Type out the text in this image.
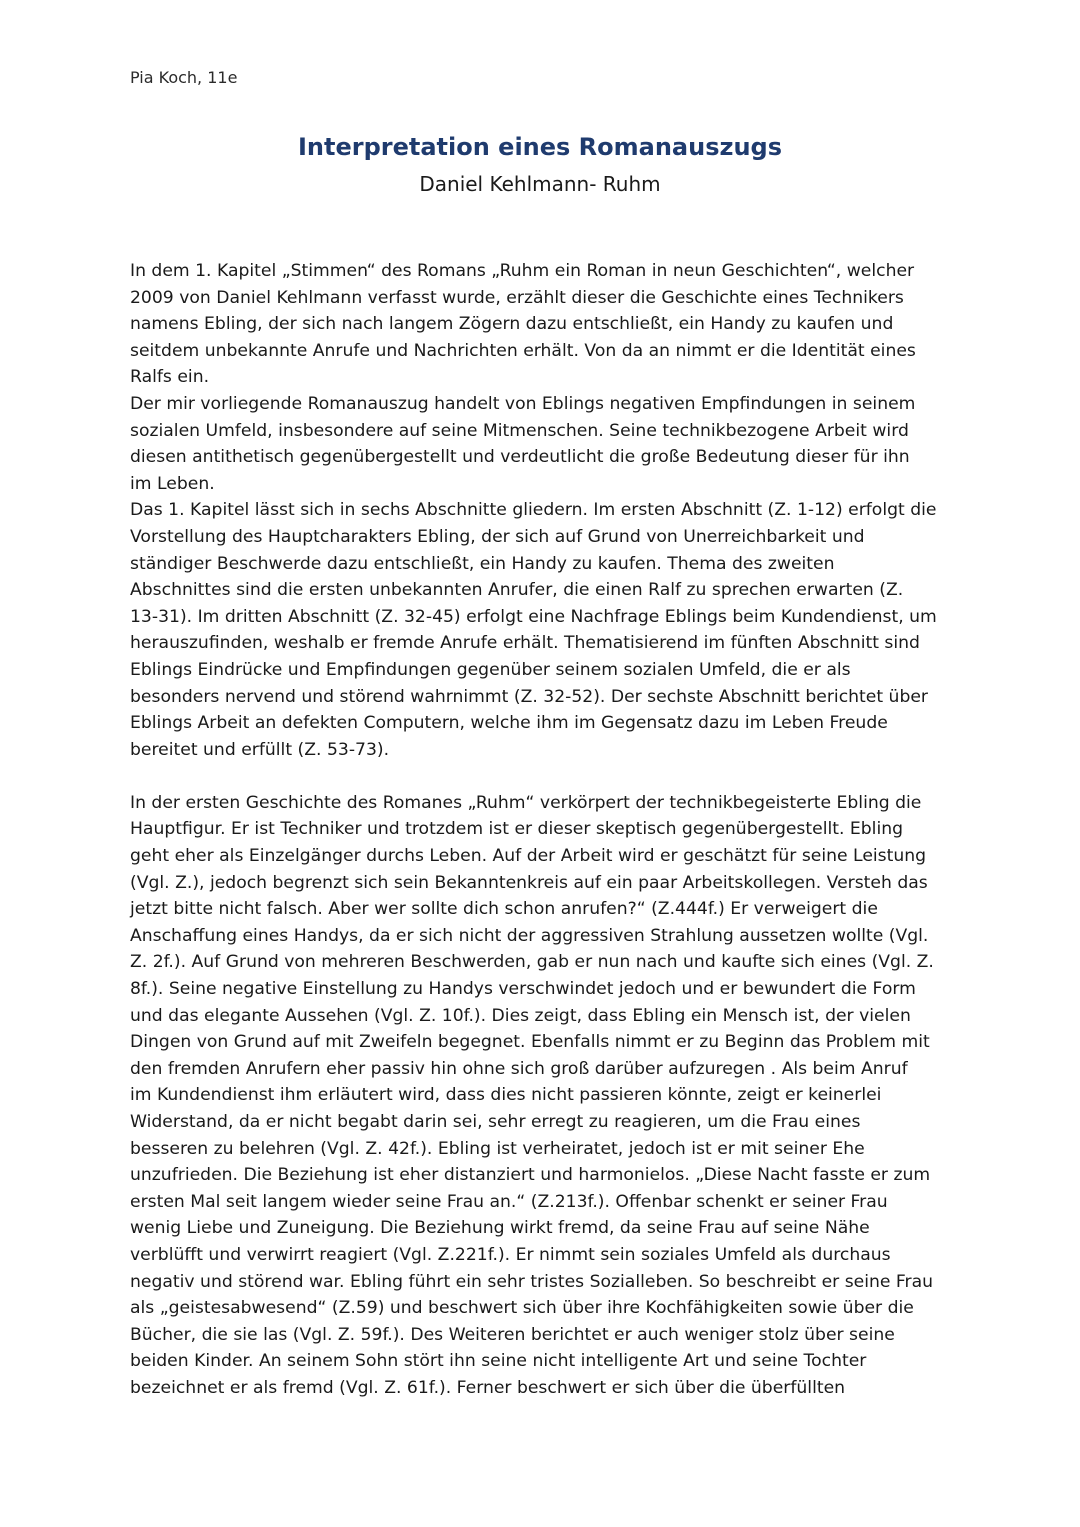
Pia Koch, 11e
Interpretation eines Romanauszugs
Daniel Kehlmann- Ruhm
In dem 1. Kapitel „Stimmen“ des Romans „Ruhm ein Roman in neun Geschichten“, welcher
2009 von Daniel Kehlmann verfasst wurde, erzählt dieser die Geschichte eines Technikers
namens Ebling, der sich nach langem Zögern dazu entschließt, ein Handy zu kaufen und
seitdem unbekannte Anrufe und Nachrichten erhält. Von da an nimmt er die Identität eines
Ralfs ein.
Der mir vorliegende Romanauszug handelt von Eblings negativen Empfindungen in seinem
sozialen Umfeld, insbesondere auf seine Mitmenschen. Seine technikbezogene Arbeit wird
diesen antithetisch gegenübergestellt und verdeutlicht die große Bedeutung dieser für ihn
im Leben.
Das 1. Kapitel lässt sich in sechs Abschnitte gliedern. Im ersten Abschnitt (Z. 1-12) erfolgt die
Vorstellung des Hauptcharakters Ebling, der sich auf Grund von Unerreichbarkeit und
ständiger Beschwerde dazu entschließt, ein Handy zu kaufen. Thema des zweiten
Abschnittes sind die ersten unbekannten Anrufer, die einen Ralf zu sprechen erwarten (Z.
13-31). Im dritten Abschnitt (Z. 32-45) erfolgt eine Nachfrage Eblings beim Kundendienst, um
herauszufinden, weshalb er fremde Anrufe erhält. Thematisierend im fünften Abschnitt sind
Eblings Eindrücke und Empfindungen gegenüber seinem sozialen Umfeld, die er als
besonders nervend und störend wahrnimmt (Z. 32-52). Der sechste Abschnitt berichtet über
Eblings Arbeit an defekten Computern, welche ihm im Gegensatz dazu im Leben Freude
bereitet und erfüllt (Z. 53-73).
In der ersten Geschichte des Romanes „Ruhm“ verkörpert der technikbegeisterte Ebling die
Hauptfigur. Er ist Techniker und trotzdem ist er dieser skeptisch gegenübergestellt. Ebling
geht eher als Einzelgänger durchs Leben. Auf der Arbeit wird er geschätzt für seine Leistung
(Vgl. Z.), jedoch begrenzt sich sein Bekanntenkreis auf ein paar Arbeitskollegen. Versteh das
jetzt bitte nicht falsch. Aber wer sollte dich schon anrufen?“ (Z.444f.) Er verweigert die
Anschaffung eines Handys, da er sich nicht der aggressiven Strahlung aussetzen wollte (Vgl.
Z. 2f.). Auf Grund von mehreren Beschwerden, gab er nun nach und kaufte sich eines (Vgl. Z.
8f.). Seine negative Einstellung zu Handys verschwindet jedoch und er bewundert die Form
und das elegante Aussehen (Vgl. Z. 10f.). Dies zeigt, dass Ebling ein Mensch ist, der vielen
Dingen von Grund auf mit Zweifeln begegnet. Ebenfalls nimmt er zu Beginn das Problem mit
den fremden Anrufern eher passiv hin ohne sich groß darüber aufzuregen . Als beim Anruf
im Kundendienst ihm erläutert wird, dass dies nicht passieren könnte, zeigt er keinerlei
Widerstand, da er nicht begabt darin sei, sehr erregt zu reagieren, um die Frau eines
besseren zu belehren (Vgl. Z. 42f.). Ebling ist verheiratet, jedoch ist er mit seiner Ehe
unzufrieden. Die Beziehung ist eher distanziert und harmonielos. „Diese Nacht fasste er zum
ersten Mal seit langem wieder seine Frau an.“ (Z.213f.). Offenbar schenkt er seiner Frau
wenig Liebe und Zuneigung. Die Beziehung wirkt fremd, da seine Frau auf seine Nähe
verblüfft und verwirrt reagiert (Vgl. Z.221f.). Er nimmt sein soziales Umfeld als durchaus
negativ und störend war. Ebling führt ein sehr tristes Sozialleben. So beschreibt er seine Frau
als „geistesabwesend“ (Z.59) und beschwert sich über ihre Kochfähigkeiten sowie über die
Bücher, die sie las (Vgl. Z. 59f.). Des Weiteren berichtet er auch weniger stolz über seine
beiden Kinder. An seinem Sohn stört ihn seine nicht intelligente Art und seine Tochter
bezeichnet er als fremd (Vgl. Z. 61f.). Ferner beschwert er sich über die überfüllten
